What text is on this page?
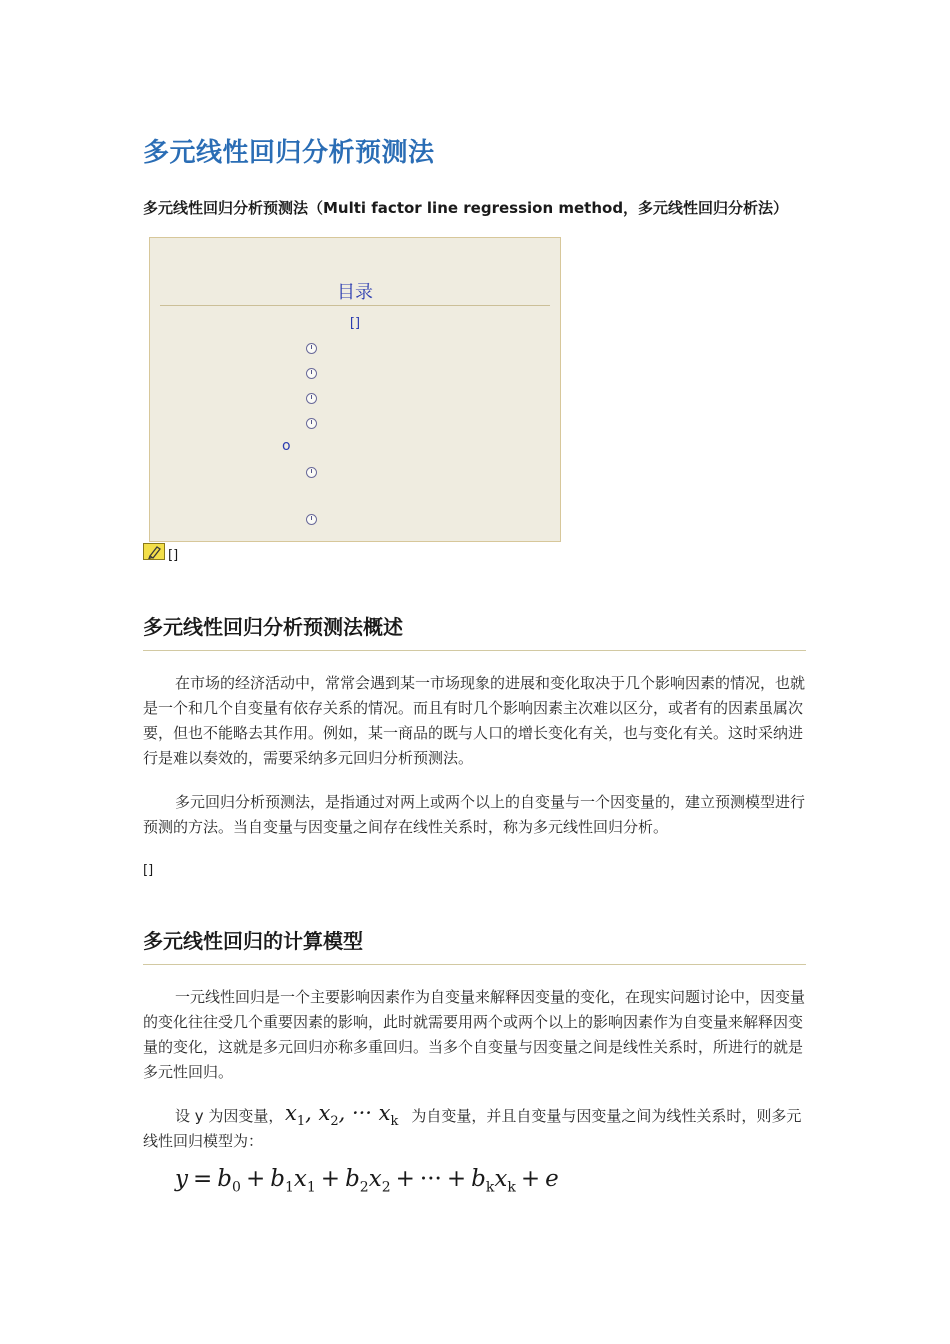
多元线性回归分析预测法

多元线性回归分析预测法（Multi factor line regression method，多元线性回归分析法）

目录
[]
o
[]
多元线性回归分析预测法概述

在市场的经济活动中，常常会遇到某一市场现象的进展和变化取决于几个影响因素的情况，也就是一个和几个自变量有依存关系的情况。而且有时几个影响因素主次难以区分，或者有的因素虽属次要，但也不能略去其作用。例如，某一商品的既与人口的增长变化有关，也与变化有关。这时采纳进行是难以奏效的，需要采纳多元回归分析预测法。

多元回归分析预测法，是指通过对两上或两个以上的自变量与一个因变量的，建立预测模型进行预测的方法。当自变量与因变量之间存在线性关系时，称为多元线性回归分析。

[]
多元线性回归的计算模型

一元线性回归是一个主要影响因素作为自变量来解释因变量的变化，在现实问题讨论中，因变量的变化往往受几个重要因素的影响，此时就需要用两个或两个以上的影响因素作为自变量来解释因变量的变化，这就是多元回归亦称多重回归。当多个自变量与因变量之间是线性关系时，所进行的就是多元性回归。

设 y 为因变量，	为自变量，并且自变量与因变量之间为线性关系时，则多元线性回归模型为：

$x_1$, $x_2$, ··· $x_k$
$y = b_0 + b_1x_1 + b_2x_2$ + ··· + $b_kx_k + e$
